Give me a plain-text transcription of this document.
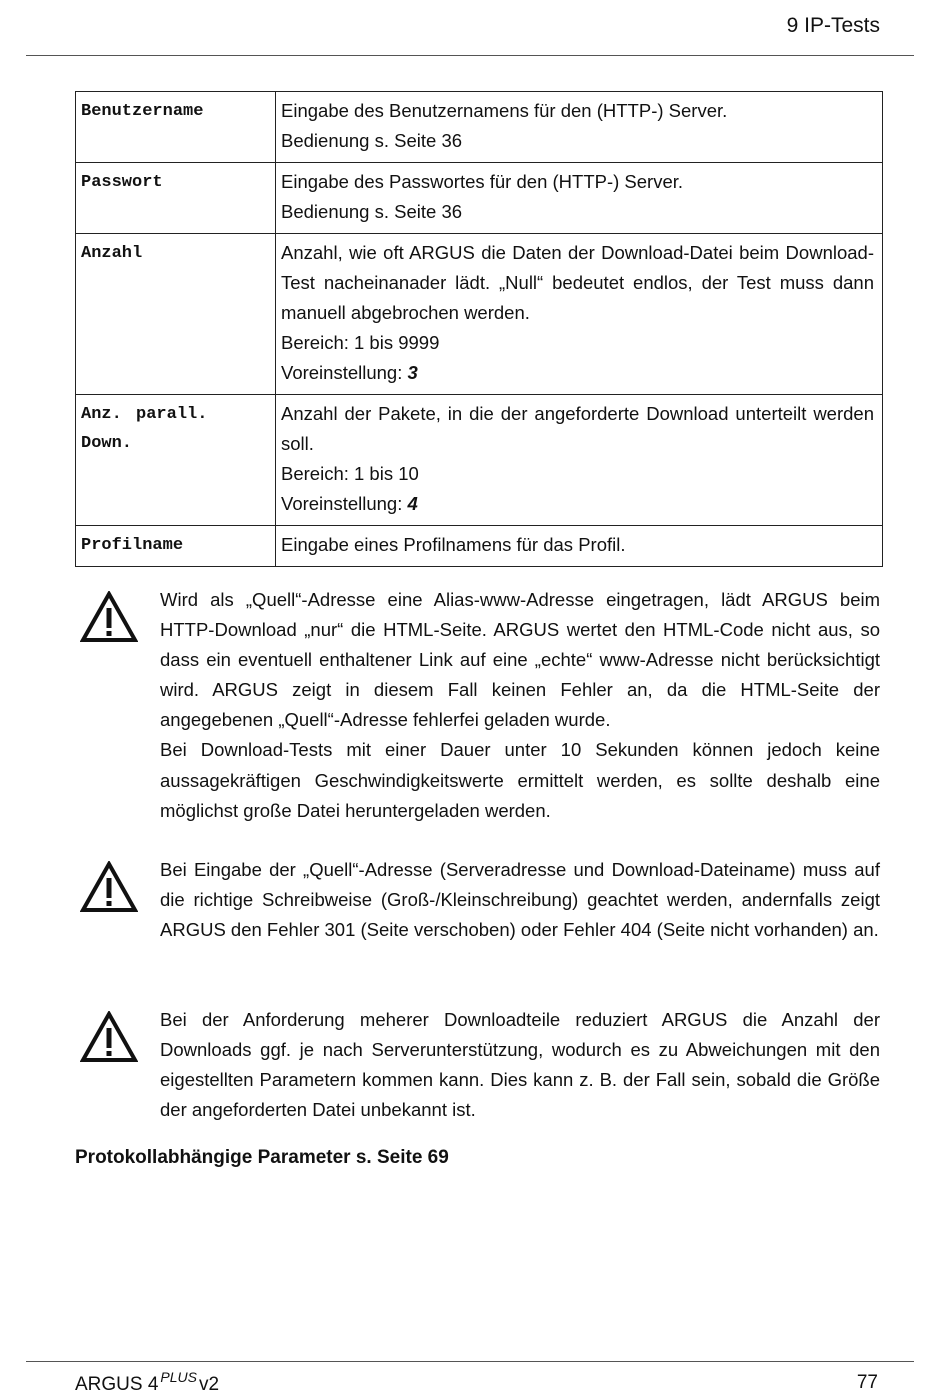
9 IP-Tests
Benutzername	Eingabe des Benutzernamens für den (HTTP-) Server.
Bedienung s. Seite 36

Passwort	Eingabe des Passwortes für den (HTTP-) Server.
Bedienung s. Seite 36

Anzahl	Anzahl, wie oft ARGUS die Daten der Download-Datei beim Download-Test nacheinanader lädt. „Null“ bedeutet endlos, der Test muss dann manuell abgebrochen werden.
Bereich: 1 bis 9999
Voreinstellung: 3

Anz. parall. Down.	Anzahl der Pakete, in die der angeforderte Download unterteilt werden soll.
Bereich: 1 bis 10
Voreinstellung: 4

Profilname	Eingabe eines Profilnamens für das Profil.
Wird als „Quell“-Adresse eine Alias-www-Adresse eingetragen, lädt ARGUS beim HTTP-Download „nur“ die HTML-Seite. ARGUS wertet den HTML-Code nicht aus, so dass ein eventuell enthaltener Link auf eine „echte“ www-Adresse nicht berücksichtigt wird. ARGUS zeigt in diesem Fall keinen Fehler an, da die HTML-Seite der angegebenen „Quell“-Adresse fehlerfei geladen wurde.
Bei Download-Tests mit einer Dauer unter 10 Sekunden können jedoch keine aussagekräftigen Geschwindigkeitswerte ermittelt werden, es sollte deshalb eine möglichst große Datei heruntergeladen werden.
Bei Eingabe der „Quell“-Adresse (Serveradresse und Download-Dateiname) muss auf die richtige Schreibweise (Groß-/Kleinschreibung) geachtet werden, andernfalls zeigt ARGUS den Fehler 301 (Seite verschoben) oder Fehler 404 (Seite nicht vorhanden) an.
Bei der Anforderung meherer Downloadteile reduziert ARGUS die Anzahl der Downloads ggf. je nach Serverunterstützung, wodurch es zu Abweichungen mit den eigestellten Parametern kommen kann. Dies kann z. B. der Fall sein, sobald die Größe der angeforderten Datei unbekannt ist.
Protokollabhängige Parameter s. Seite 69
ARGUS 4 $^{PLUS}$ v2	77
